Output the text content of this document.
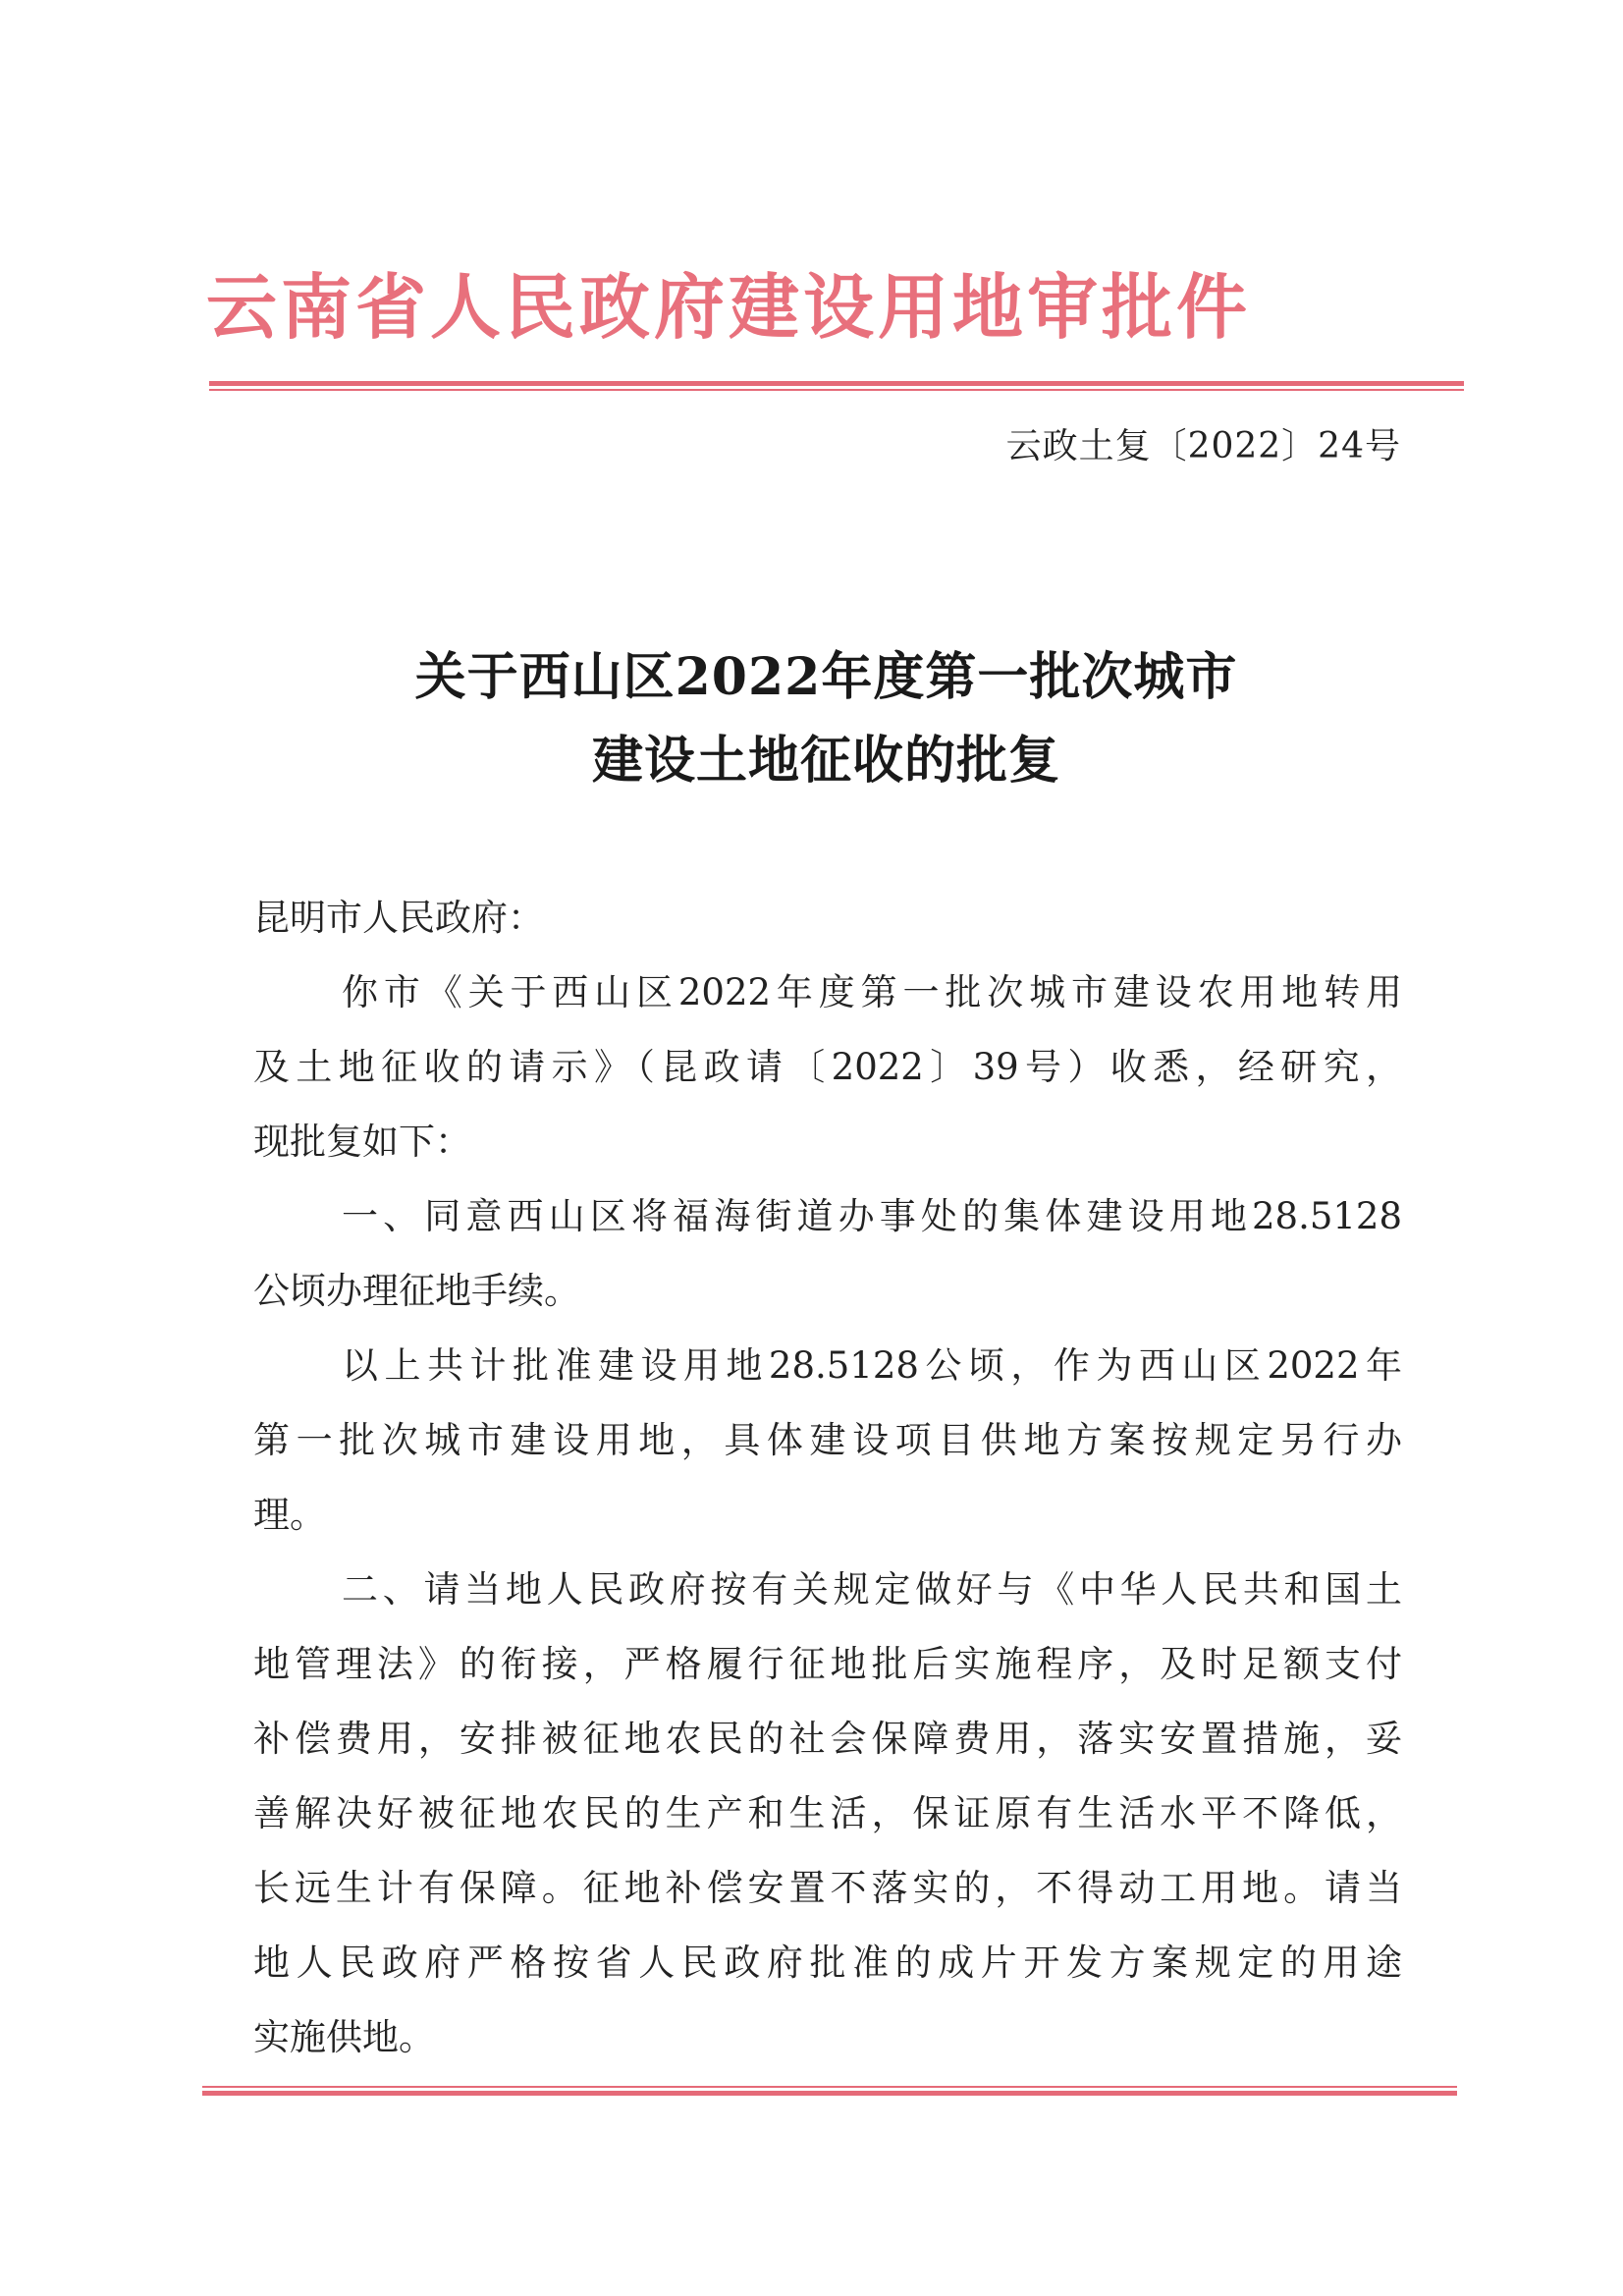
云南省人民政府建设用地审批件
云政土复〔2022〕24号
关于西山区2022年度第一批次城市
建设土地征收的批复
昆明市人民政府：
你市《关于西山区2022年度第一批次城市建设农用地转用
及土地征收的请示》（昆政请〔2022〕39号）收悉，经研究，
现批复如下：
一、同意西山区将福海街道办事处的集体建设用地28.5128
公顷办理征地手续。
以上共计批准建设用地28.5128公顷，作为西山区2022年
第一批次城市建设用地，具体建设项目供地方案按规定另行办
理。
二、请当地人民政府按有关规定做好与《中华人民共和国土
地管理法》的衔接，严格履行征地批后实施程序，及时足额支付
补偿费用，安排被征地农民的社会保障费用，落实安置措施，妥
善解决好被征地农民的生产和生活，保证原有生活水平不降低，
长远生计有保障。征地补偿安置不落实的，不得动工用地。请当
地人民政府严格按省人民政府批准的成片开发方案规定的用途
实施供地。
